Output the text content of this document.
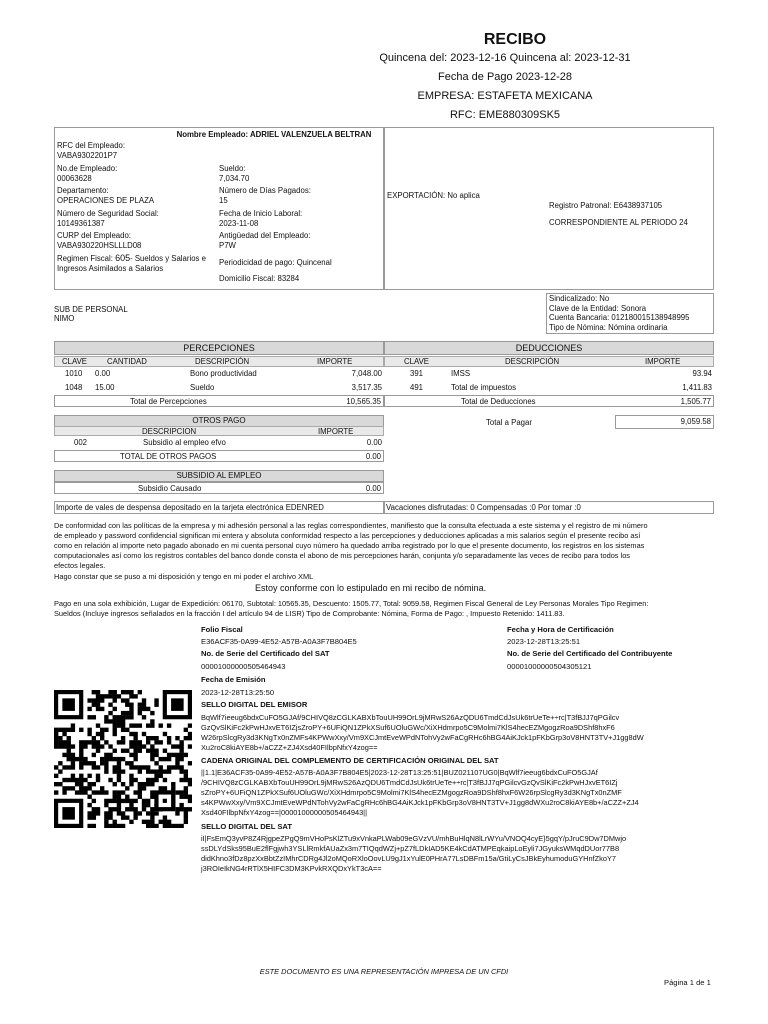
RECIBO
Quincena del: 2023-12-16 Quincena al: 2023-12-31
Fecha de Pago 2023-12-28
EMPRESA: ESTAFETA MEXICANA
RFC: EME880309SK5
Nombre Empleado: ADRIEL VALENZUELA BELTRAN
RFC del Empleado:
VABA9302201P7
No.de Empleado:
00063628
Sueldo:
7,034.70
Departamento:
OPERACIONES DE PLAZA
Número de Días Pagados:
15
Número de Seguridad Social:
10149361387
Fecha de Inicio Laboral:
2023-11-08
CURP del Empleado:
VABA930220HSLLLD08
Antigüedad del Empleado:
P7W
Regimen Fiscal: 605- Sueldos y Salarios e
Ingresos Asimilados a Salarios
Periodicidad de pago: Quincenal
Domicilio Fiscal: 83284
EXPORTACIÓN: No aplica
Registro Patronal: E6438937105
CORRESPONDIENTE AL PERIODO 24
SUB DE PERSONAL
NIMO
Sindicalizado: No
Clave de la Entidad: Sonora
Cuenta Bancaria: 012180015138948995
Tipo de Nómina: Nómina ordinaria
PERCEPCIONES
CLAVE	CANTIDAD	DESCRIPCIÓN	IMPORTE
1010 0.00	Bono productividad	7,048.00
1048 15.00	Sueldo	3,517.35
Total de Percepciones	10,565.35
DEDUCCIONES
CLAVE	DESCRIPCIÓN	IMPORTE
391	IMSS	93.94
491	Total de impuestos	1,411.83
Total de Deducciones	1,505.77
OTROS PAGO
DESCRIPCION	IMPORTE
002	Subsidio al empleo efvo	0.00
TOTAL DE OTROS PAGOS	0.00
Total a Pagar	9,059.58
SUBSIDIO AL EMPLEO
Subsidio Causado	0.00
Importe de vales de despensa depositado en la tarjeta electrónica EDENRED	Vacaciones disfrutadas: 0 Compensadas :0 Por tomar :0
De conformidad con las políticas de la empresa y mi adhesión personal a las reglas correspondientes, manifiesto que la consulta efectuada a este sistema y el registro de mi número
de empleado y password confidencial significan mi entera y absoluta conformidad respecto a las percepciones y deducciones aplicadas a mis salarios según el presente recibo así
como en relación al importe neto pagado abonado en mi cuenta personal cuyo número ha quedado arriba registrado por lo que el presente documento, los registros en los sistemas
computacionales así como los registros contables del banco donde consta el abono de mis percepciones harán, conjunta y/o separadamente las veces de recibo para todos los
efectos legales.
Hago constar que se puso a mi disposición y tengo en mi poder el archivo XML
Estoy conforme con lo estipulado en mi recibo de nómina.
Pago en una sola exhibición, Lugar de Expedición: 06170, Subtotal: 10565.35, Descuento: 1505.77, Total: 9059.58, Regimen Fiscal General de Ley Personas Morales Tipo Regimen:
Sueldos (Incluye ingresos señalados en la fracción I del artículo 94 de LISR) Tipo de Comprobante: Nómina, Forma de Pago: , Impuesto Retenido: 1411.83.
Folio Fiscal
E36ACF35-0A99-4E52-A57B-A0A3F7B804E5
No. de Serie del Certificado del SAT
00001000000505464943
Fecha y Hora de Certificación
2023-12-28T13:25:51
No. de Serie del Certificado del Contribuyente
00001000000504305121
Fecha de Emisión
2023-12-28T13:25:50
SELLO DIGITAL DEL EMISOR
BqWlf7ieeug6bdxCuFO5GJAf/9CHIVQ8zCGLKABXbTouUH99OrL9jMRwS26AzQDU6TmdCdJsUk6trUeTe+÷rc|T3fBJJ7qPGilcv
GzQvSlKiFc2kPwHJxvET6IZjsZroPY+6UFiQN1ZPkXSuf6UOluGWc/XiXHdmrpo5C9Molmi7KlS4hecEZMgogzRoa9DShf8hxF6
W26rpSlcgRy3d3KNgTx0nZMFs4KPWwXxy/Vm9XCJmtEveWPdNTohVy2wFaCgRHc6hBG4AiKJck1pFKbGrp3oV8HNT3TV+J1gg8dW
Xu2roC8kiAYE8b+/aCZZ+ZJ4Xsd40FIlbpNfxY4zog==
CADENA ORIGINAL DEL COMPLEMENTO DE CERTIFICACIÓN ORIGINAL DEL SAT
||1.1|E36ACF35-0A99-4E52-A57B-A0A3F7B804E5|2023-12-28T13:25:51|BUZ021107UG0|BqWlf7ieeug6bdxCuFO5GJAf
/9CHIVQ8zCGLKABXbTouUH99OrL9jMRwS26AzQDU6TmdCdJsUk6trUeTe+÷rc|T3fBJJ7qPGilcvGzQvSlKiFc2kPwHJxvET6IZj
sZroPY+6UFiQN1ZPkXSuf6UOluGWc/XiXHdmrpo5C9Molmi7KlS4hecEZMgogzRoa9DShf8hxF6W26rpSlcgRy3d3KNgTx0nZMF
s4KPWwXxy/Vm9XCJmtEveWPdNTohVy2wFaCgRHc6hBG4AiKJck1pFKbGrp3oV8HNT3TV+J1gg8dWXu2roC8kiAYE8b+/aCZZ+ZJ4
Xsd40FIlbpNfxY4zog==|00001000000505464943||
SELLO DIGITAL DEL SAT
iI|FsEmQ3yvP8Z4RjgpeZPgQ9mVHoPsKlZTu9xVnkaPLWab09eGVzVU/mhBuHlqN8lLrWYu/VNOQ4cyE}5gqY/pJruC9Dw7DMwjo
ssDLYdSks95BuE2flFgjwh3YSLlRmkfAUaZx3m7TIQqdWZj+pZ7fLDkIAD5KE4kCdATMPEqkaipLoEyli7JGyuksWMqdDUor77B8
didKhno3fDz8pzXxBbtZzIMhrCDRg4Jl2oMQoRXloOovLU9gJ1xYulE0PHrA77LsDBFm15a/GtiLyCsJBkEyhumoduGYHnfZkoY7
j3ROIeIkNG4rRTlX5HIFC3DM3KPvkRXQDxYkT3cA==
ESTE DOCUMENTO ES UNA REPRESENTACIÓN IMPRESA DE UN CFDI
Página 1 de 1
